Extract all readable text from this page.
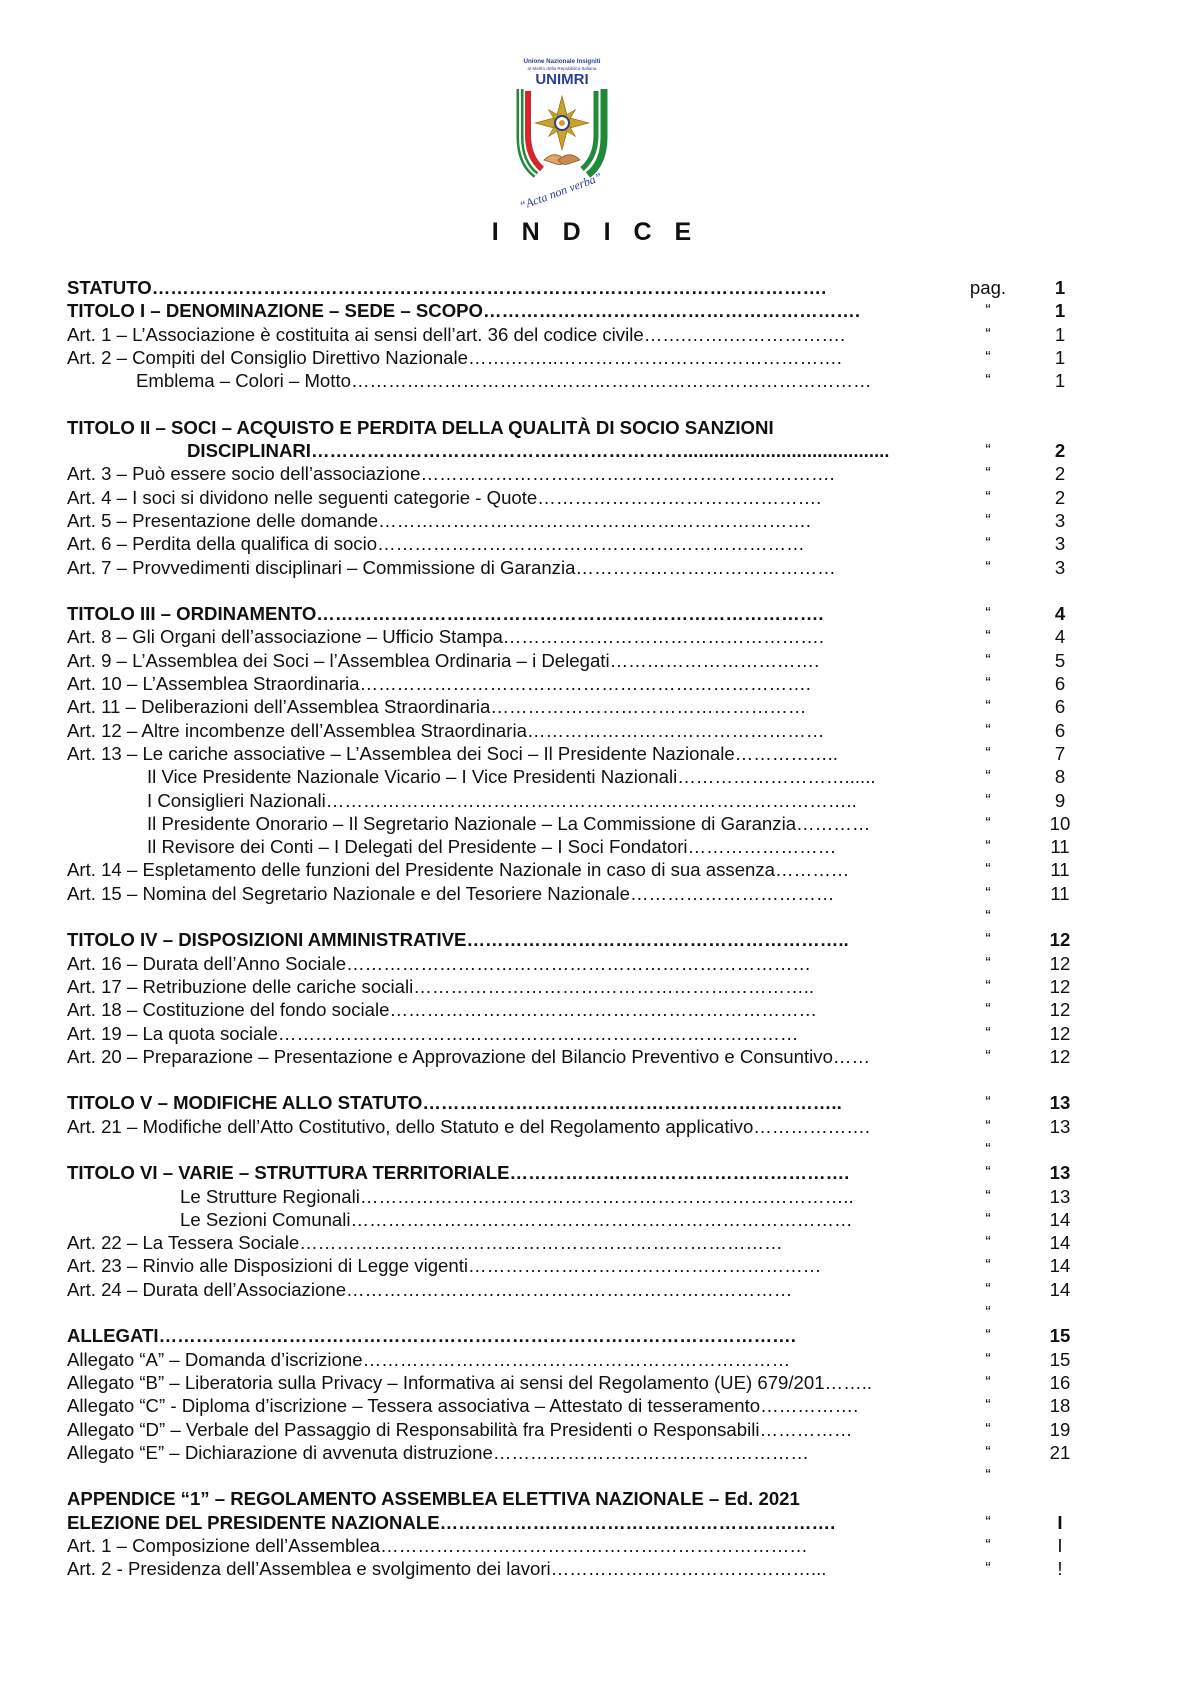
Unione Nazionale Insigniti
al Merito della Repubblica Italiana
UNIMRI
“Acta non verba”
I N D I C E
STATUTO……………………………………………………………………………………………….	pag.	1
TITOLO I – DENOMINAZIONE – SEDE – SCOPO…………………………………………………….	“	1
Art. 1 – L’Associazione è costituita ai sensi dell’art. 36 del codice civile…….…….……………….	“	1
Art. 2 – Compiti del Consiglio Direttivo Nazionale…….……..……………………………………….	“	1
Emblema – Colori – Motto…………………………………………………………………………	“	1
TITOLO II – SOCI – ACQUISTO E PERDITA DELLA QUALITÀ DI SOCIO SANZIONI
DISCIPLINARI……………………………………………………........................................	“	2
Art. 3 – Può essere socio dell’associazione………………………………………………………….	“	2
Art. 4 – I soci si dividono nelle seguenti categorie - Quote……………………………………….	“	2
Art. 5 – Presentazione delle domande…………………………………………………………….	“	3
Art. 6 – Perdita della qualifica di socio……………………………………………………………	“	3
Art. 7 – Provvedimenti disciplinari – Commissione di Garanzia……………………………………	“	3
TITOLO III – ORDINAMENTO……………………………………………………………………….	“	4
Art. 8 – Gli Organi dell’associazione – Ufficio Stampa…………………………………………….	“	4
Art. 9 – L’Assemblea dei Soci – l’Assemblea Ordinaria – i Delegati…………………………….	“	5
Art. 10 – L’Assemblea Straordinaria……………………………………………………………….	“	6
Art. 11 – Deliberazioni dell’Assemblea Straordinaria……………………………………………	“	6
Art. 12 – Altre incombenze dell’Assemblea Straordinaria…………………………………………	“	6
Art. 13 – Le cariche associative – L’Assemblea dei Soci – Il Presidente Nazionale……………..	“	7
Il Vice Presidente Nazionale Vicario – I Vice Presidenti Nazionali………………………......	“	8
I Consiglieri Nazionali…………………………………………………………………………..	“	9
Il Presidente Onorario – Il Segretario Nazionale – La Commissione di Garanzia…………	“	10
Il Revisore dei Conti – I Delegati del Presidente – I Soci Fondatori……………………	“	11
Art. 14 – Espletamento delle funzioni del Presidente Nazionale in caso di sua assenza…………	“	11
Art. 15 – Nomina del Segretario Nazionale e del Tesoriere Nazionale……………………………	“	11
“
TITOLO IV – DISPOSIZIONI AMMINISTRATIVE……………………………………………………..	“	12
Art. 16 – Durata dell’Anno Sociale…………………………………………………………………	“	12
Art. 17 – Retribuzione delle cariche sociali………………………………………………………..	“	12
Art. 18 – Costituzione del fondo sociale……………………………………………………………	“	12
Art. 19 – La quota sociale…………………………………………………………………………	“	12
Art. 20 – Preparazione – Presentazione e Approvazione del Bilancio Preventivo e Consuntivo……	“	12
TITOLO V – MODIFICHE ALLO STATUTO…………………………………………………………..	“	13
Art. 21 – Modifiche dell’Atto Costitutivo, dello Statuto e del Regolamento applicativo……………….	“	13
“
TITOLO VI – VARIE – STRUTTURA TERRITORIALE……………………………………………….	“	13
Le Strutture Regionali……………………………………………………………………..	“	13
Le Sezioni Comunali………………………………………………………………………	“	14
Art. 22 – La Tessera Sociale……………………………………………………………………	“	14
Art. 23 – Rinvio alle Disposizioni di Legge vigenti…………………………………………………	“	14
Art. 24 – Durata dell’Associazione………………………………………………………………	“	14
“
ALLEGATI………………………………………………………………………………………….	“	15
Allegato “A” – Domanda d’iscrizione……………………………………………………………	“	15
Allegato “B” – Liberatoria sulla Privacy – Informativa ai sensi del Regolamento (UE) 679/201……..	“	16
Allegato “C” - Diploma d’iscrizione – Tessera associativa – Attestato di tesseramento…………….	“	18
Allegato “D” – Verbale del Passaggio di Responsabilità fra Presidenti o Responsabili……………	“	19
Allegato “E” – Dichiarazione di avvenuta distruzione……………………………………………	“	21
“
APPENDICE “1” – REGOLAMENTO ASSEMBLEA ELETTIVA NAZIONALE – Ed. 2021
ELEZIONE DEL PRESIDENTE NAZIONALE……………………………………………………….	“	I
Art. 1 – Composizione dell’Assemblea……………………………………………………………	“	I
Art. 2 - Presidenza dell’Assemblea e svolgimento dei lavori……………………………………...	“	!
